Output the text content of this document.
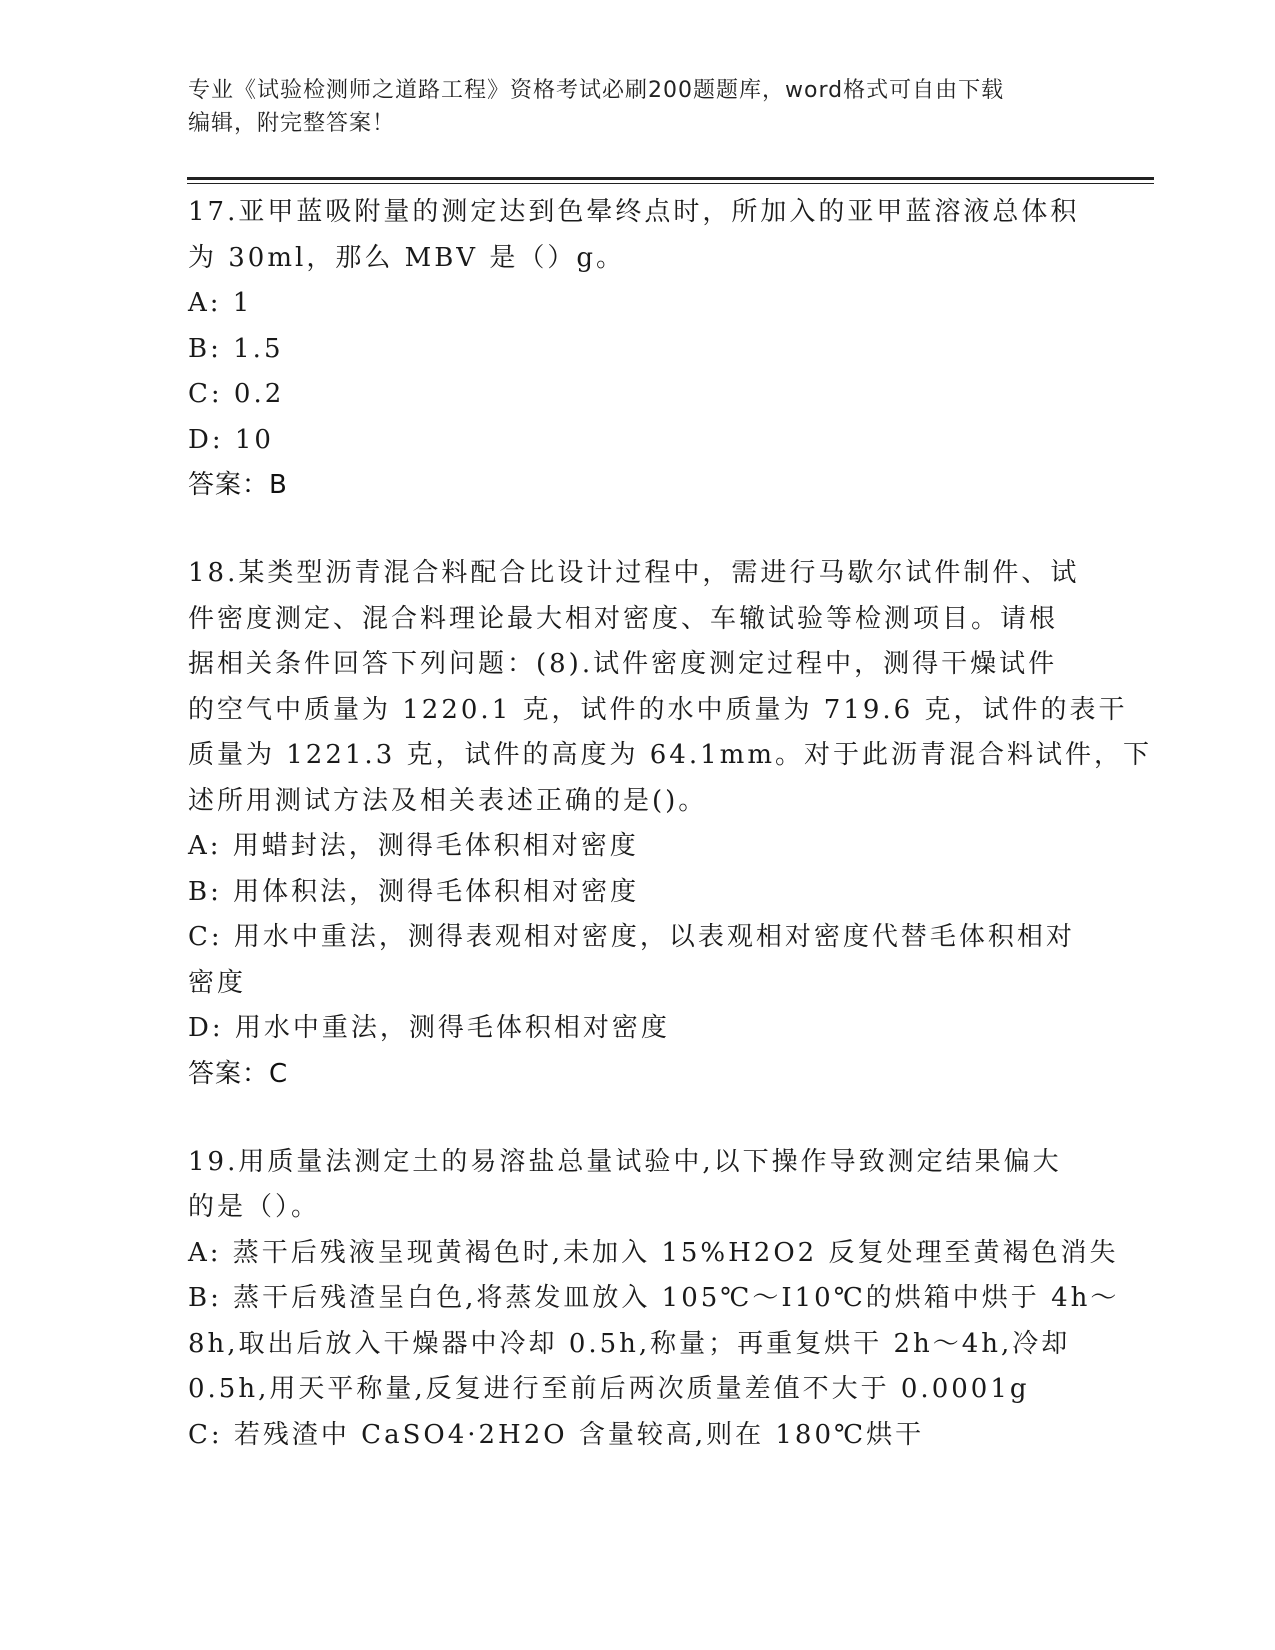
专业《试验检测师之道路工程》资格考试必刷200题题库，word格式可自由下载
编辑，附完整答案！
17.亚甲蓝吸附量的测定达到色晕终点时，所加入的亚甲蓝溶液总体积
为 30ml，那么 MBV 是（）g。
A: 1
B: 1.5
C: 0.2
D: 10
答案：B
18.某类型沥青混合料配合比设计过程中，需进行马歇尔试件制件、试
件密度测定、混合料理论最大相对密度、车辙试验等检测项目。请根
据相关条件回答下列问题：(8).试件密度测定过程中，测得干燥试件
的空气中质量为 1220.1 克，试件的水中质量为 719.6 克，试件的表干
质量为 1221.3 克，试件的高度为 64.1mm。对于此沥青混合料试件，下
述所用测试方法及相关表述正确的是()。
A: 用蜡封法，测得毛体积相对密度
B: 用体积法，测得毛体积相对密度
C: 用水中重法，测得表观相对密度，以表观相对密度代替毛体积相对
密度
D: 用水中重法，测得毛体积相对密度
答案：C
19.用质量法测定土的易溶盐总量试验中,以下操作导致测定结果偏大
的是（）。
A: 蒸干后残液呈现黄褐色时,未加入 15%H2O2 反复处理至黄褐色消失
B: 蒸干后残渣呈白色,将蒸发皿放入 105℃～I10℃的烘箱中烘于 4h～
8h,取出后放入干燥器中冷却 0.5h,称量；再重复烘干 2h～4h,冷却
0.5h,用天平称量,反复进行至前后两次质量差值不大于 0.0001g
C: 若残渣中 CaSO4·2H2O 含量较高,则在 180℃烘干
